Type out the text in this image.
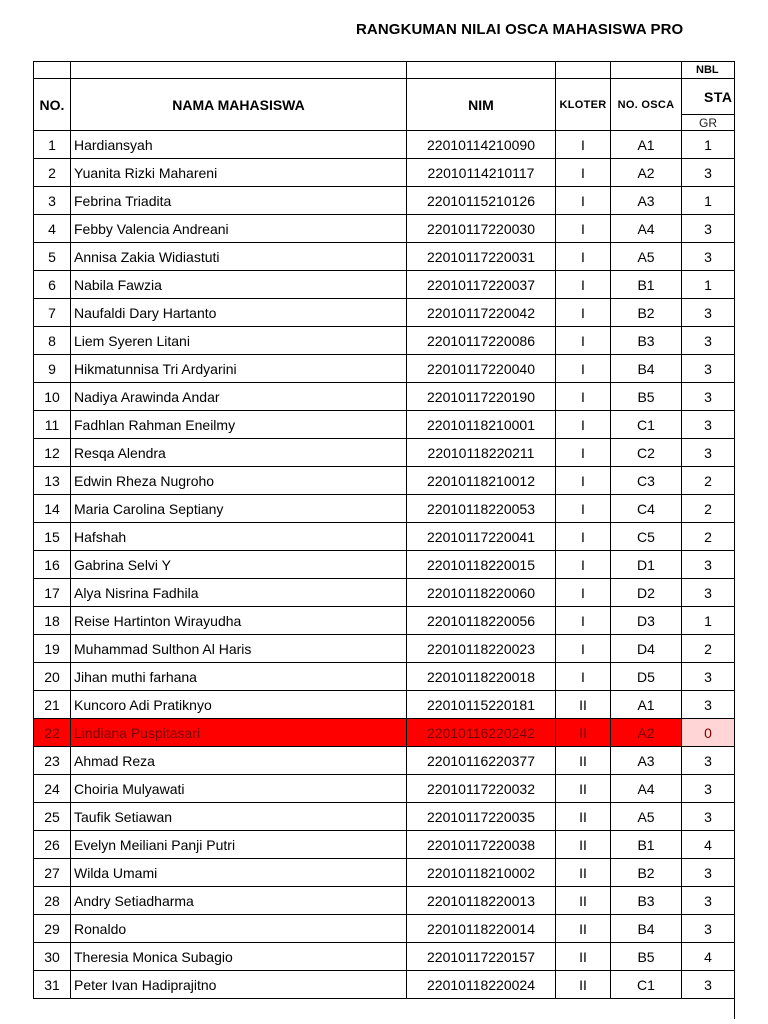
RANGKUMAN NILAI OSCA MAHASISWA PRO
					NBL
NO.	NAMA MAHASISWA	NIM	KLOTER	NO. OSCA	STA
					GR
1	Hardiansyah	22010114210090	I	A1	1
2	Yuanita Rizki Mahareni	22010114210117	I	A2	3
3	Febrina Triadita	22010115210126	I	A3	1
4	Febby Valencia Andreani	22010117220030	I	A4	3
5	Annisa Zakia Widiastuti	22010117220031	I	A5	3
6	Nabila Fawzia	22010117220037	I	B1	1
7	Naufaldi Dary Hartanto	22010117220042	I	B2	3
8	Liem Syeren Litani	22010117220086	I	B3	3
9	Hikmatunnisa Tri Ardyarini	22010117220040	I	B4	3
10	Nadiya Arawinda Andar	22010117220190	I	B5	3
11	Fadhlan Rahman Eneilmy	22010118210001	I	C1	3
12	Resqa Alendra	22010118220211	I	C2	3
13	Edwin Rheza Nugroho	22010118210012	I	C3	2
14	Maria Carolina Septiany	22010118220053	I	C4	2
15	Hafshah	22010117220041	I	C5	2
16	Gabrina Selvi Y	22010118220015	I	D1	3
17	Alya Nisrina Fadhila	22010118220060	I	D2	3
18	Reise Hartinton Wirayudha	22010118220056	I	D3	1
19	Muhammad Sulthon Al Haris	22010118220023	I	D4	2
20	Jihan muthi farhana	22010118220018	I	D5	3
21	Kuncoro Adi Pratiknyo	22010115220181	II	A1	3
22	Lindiana Puspitasari	22010116220242	II	A2	0
23	Ahmad Reza	22010116220377	II	A3	3
24	Choiria Mulyawati	22010117220032	II	A4	3
25	Taufik Setiawan	22010117220035	II	A5	3
26	Evelyn Meiliani Panji Putri	22010117220038	II	B1	4
27	Wilda Umami	22010118210002	II	B2	3
28	Andry Setiadharma	22010118220013	II	B3	3
29	Ronaldo	22010118220014	II	B4	3
30	Theresia Monica Subagio	22010117220157	II	B5	4
31	Peter Ivan Hadiprajitno	22010118220024	II	C1	3
